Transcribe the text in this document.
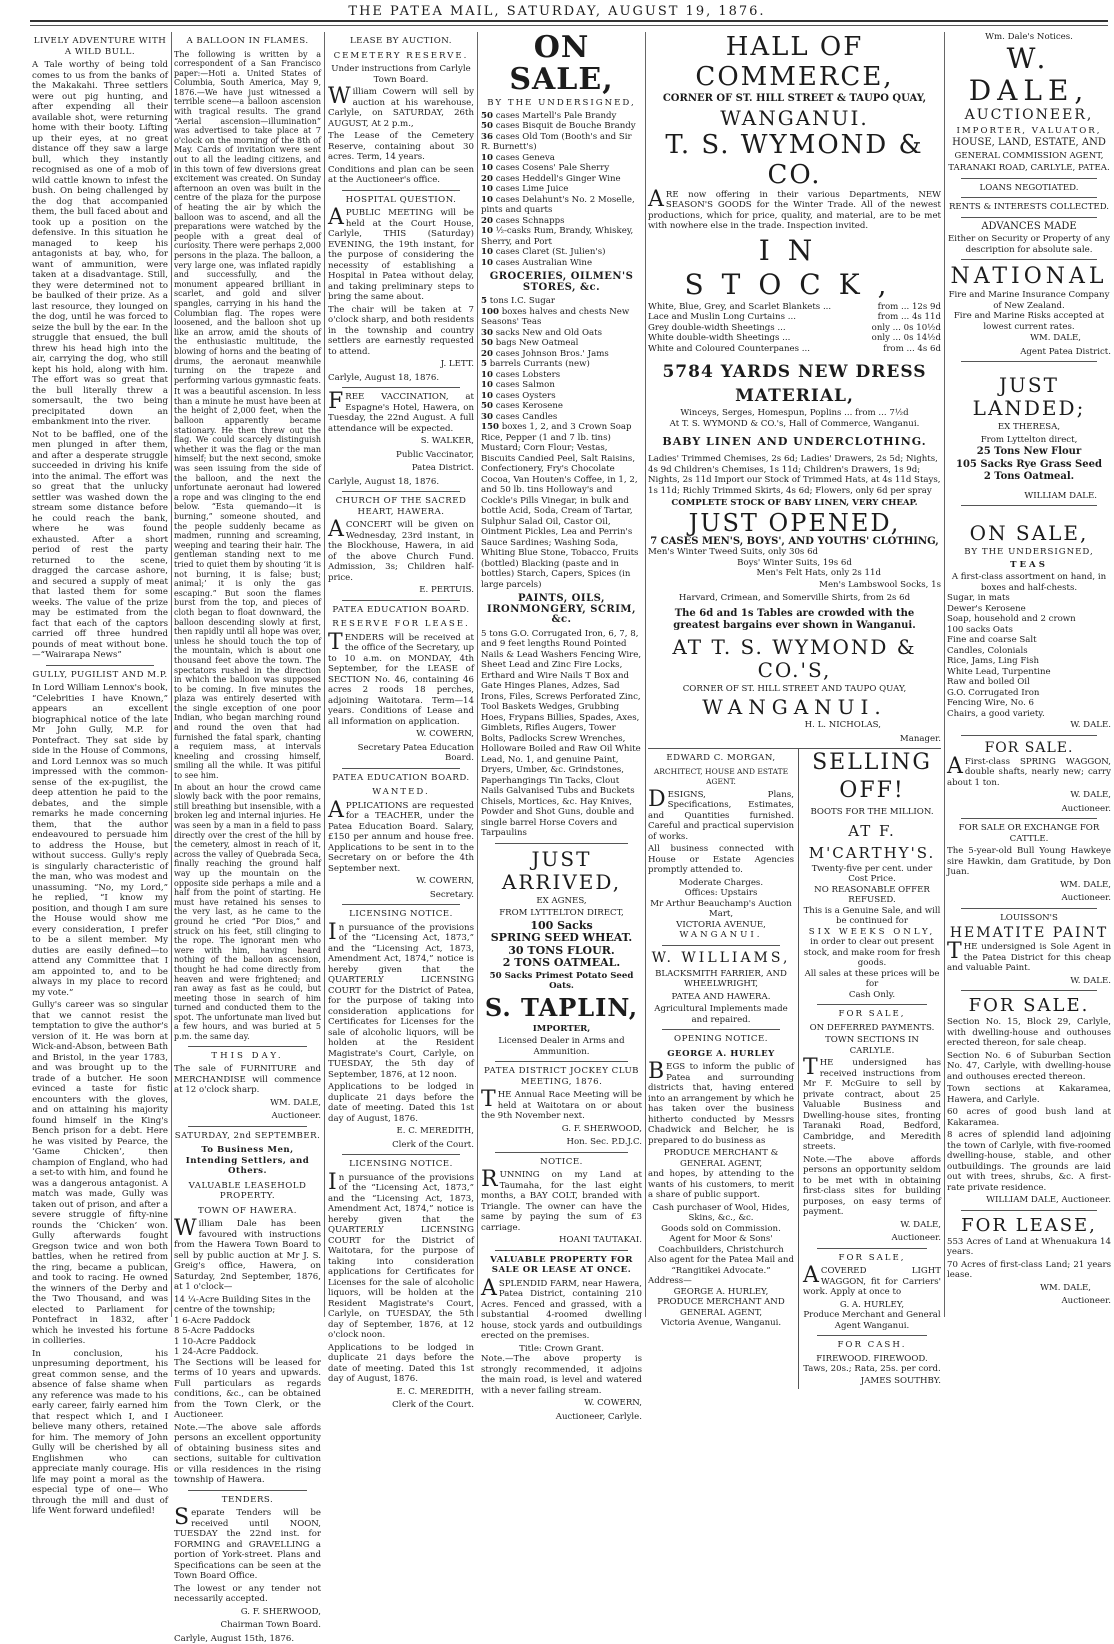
THE PATEA MAIL, SATURDAY, AUGUST 19, 1876.
LIVELY ADVENTURE WITH A WILD BULL.

A Tale worthy of being told comes to us from the banks of the Makakahi. Three settlers were out pig hunting, and after expending all their available shot, were returning home with their booty. Lifting up their eyes, at no great distance off they saw a large bull, which they instantly recognised as one of a mob of wild cattle known to infest the bush. On being challenged by the dog that accompanied them, the bull faced about and took up a position on the defensive. In this situation he managed to keep his antagonists at bay, who, for want of ammunition, were taken at a disadvantage. Still, they were determined not to be baulked of their prize. As a last resource, they lounged on the dog, until he was forced to seize the bull by the ear. In the struggle that ensued, the bull threw his head high into the air, carrying the dog, who still kept his hold, along with him. The effort was so great that the bull literally threw a somersault, the two being precipitated down an embankment into the river.

Not to be baffled, one of the men plunged in after them, and after a desperate struggle succeeded in driving his knife into the animal. The effort was so great that the unlucky settler was washed down the stream some distance before he could reach the bank, where he was found exhausted. After a short period of rest the party returned to the scene, dragged the carcase ashore, and secured a supply of meat that lasted them for some weeks. The value of the prize may be estimated from the fact that each of the captors carried off three hundred pounds of meat without bone.—“Wairarapa News”

GULLY, PUGILIST AND M.P.

In Lord William Lennox's book, “Celebrities I have Known,” appears an excellent biographical notice of the late Mr John Gully, M.P. for Pontefract. They sat side by side in the House of Commons, and Lord Lennox was so much impressed with the common-sense of the ex-pugilist, the deep attention he paid to the debates, and the simple remarks he made concerning them, that the author endeavoured to persuade him to address the House, but without success. Gully's reply is singularly characteristic of the man, who was modest and unassuming. “No, my Lord,” he replied, “I know my position, and though I am sure the House would show me every consideration, I prefer to be a silent member. My duties are easily defined—to attend any Committee that I am appointed to, and to be always in my place to record my vote.”

Gully's career was so singular that we cannot resist the temptation to give the author's version of it. He was born at Wick-and-Abson, between Bath and Bristol, in the year 1783, and was brought up to the trade of a butcher. He soon evinced a taste for fistic encounters with the gloves, and on attaining his majority found himself in the King's Bench prison for a debt. Here he was visited by Pearce, the ‘Game Chicken’, then champion of England, who had a set-to with him, and found he was a dangerous antagonist. A match was made, Gully was taken out of prison, and after a severe struggle of fifty-nine rounds the ‘Chicken’ won. Gully afterwards fought Gregson twice and won both battles, when he retired from the ring, became a publican, and took to racing. He owned the winners of the Derby and the Two Thousand, and was elected to Parliament for Pontefract in 1832, after which he invested his fortune in collieries.

In conclusion, his unpresuming deportment, his great common sense, and the absence of false shame when any reference was made to his early career, fairly earned him that respect which I, and I believe many others, retained for him. The memory of John Gully will be cherished by all Englishmen who can appreciate manly courage. His life may point a moral as the especial type of one— Who through the mill and dust of life Went forward undefiled!

A BALLOON IN FLAMES.

The following is written by a correspondent of a San Francisco paper:—Hoti a. United States of Columbia, South America, May 9, 1876.—We have just witnessed a terrible scene—a balloon ascension with tragical results. The grand “Aerial ascension—illumination” was advertised to take place at 7 o'clock on the morning of the 8th of May. Cards of invitation were sent out to all the leading citizens, and in this town of few diversions great excitement was created. On Sunday afternoon an oven was built in the centre of the plaza for the purpose of heating the air by which the balloon was to ascend, and all the preparations were watched by the people with a great deal of curiosity. There were perhaps 2,000 persons in the plaza. The balloon, a very large one, was inflated rapidly and successfully, and the monument appeared brilliant in scarlet, and gold and silver spangles, carrying in his hand the Columbian flag. The ropes were loosened, and the balloon shot up like an arrow, amid the shouts of the enthusiastic multitude, the blowing of horns and the beating of drums, the aeronaut meanwhile turning on the trapeze and performing various gymnastic feats.

It was a beautiful ascension. In less than a minute he must have been at the height of 2,000 feet, when the balloon apparently became stationary. He then threw out the flag. We could scarcely distinguish whether it was the flag or the man himself; but the next second, smoke was seen issuing from the side of the balloon, and the next the unfortunate aeronaut had lowered a rope and was clinging to the end below. “Esta quemando—it is burning,” someone shouted, and the people suddenly became as madmen, running and screaming, weeping and tearing their hair. The gentleman standing next to me tried to quiet them by shouting ‘it is not burning, it is false; bust; animal;’ it is only the gas escaping.” But soon the flames burst from the top, and pieces of cloth began to float downward, the balloon descending slowly at first, then rapidly until all hope was over, unless he should touch the top of the mountain, which is about one thousand feet above the town. The spectators rushed in the direction in which the balloon was supposed to be coming. In five minutes the plaza was entirely deserted with the single exception of one poor Indian, who began marching round and round the oven that had furnished the fatal spark, chanting a requiem mass, at intervals kneeling and crossing himself, smiling all the while. It was pitiful to see him.

In about an hour the crowd came slowly back with the poor remains, still breathing but insensible, with a broken leg and internal injuries. He was seen by a man in a field to pass directly over the crest of the hill by the cemetery, almost in reach of it, across the valley of Quebrada Seca, finally reaching the ground half way up the mountain on the opposite side perhaps a mile and a half from the point of starting. He must have retained his senses to the very last, as he came to the ground he cried “Por Dios,” and struck on his feet, still clinging to the rope. The ignorant men who were with him, having heard nothing of the balloon ascension, thought he had come directly from heaven and were frightened; and ran away as fast as he could, but meeting those in search of him turned and conducted them to the spot. The unfortunate man lived but a few hours, and was buried at 5 p.m. the same day.

THIS DAY.

The sale of FURNITURE and MERCHANDISE will commence at 12 o'clock sharp.

WM. DALE,
Auctioneer.
SATURDAY, 2nd SEPTEMBER.
To Business Men, Intending Settlers, and Others.
VALUABLE LEASEHOLD PROPERTY.
TOWN OF HAWERA.

William Dale has been favoured with instructions from the Hawera Town Board to sell by public auction at Mr J. S. Greig's office, Hawera, on Saturday, 2nd September, 1876, at 1 o'clock—

14 ¼-Acre Building Sites in the centre of the township;
1 6-Acre Paddock
8 5-Acre Paddocks
1 10-Acre Paddock
1 24-Acre Paddock.

The Sections will be leased for terms of 10 years and upwards. Full particulars as regards conditions, &c., can be obtained from the Town Clerk, or the Auctioneer.

Note.—The above sale affords persons an excellent opportunity of obtaining business sites and sections, suitable for cultivation or villa residences in the rising township of Hawera.

TENDERS.

Separate Tenders will be received until NOON, TUESDAY the 22nd inst. for FORMING and GRAVELLING a portion of York-street. Plans and Specifications can be seen at the Town Board Office.

The lowest or any tender not necessarily accepted.

G. F. SHERWOOD,
Chairman Town Board.
Carlyle, August 15th, 1876.
LEASE BY AUCTION.
CEMETERY RESERVE.
Under instructions from Carlyle Town Board.

William Cowern will sell by auction at his warehouse, Carlyle, on SATURDAY, 26th AUGUST, At 2 p.m.,

The Lease of the Cemetery Reserve, containing about 30 acres. Term, 14 years.

Conditions and plan can be seen at the Auctioneer's office.

HOSPITAL QUESTION.

APUBLIC MEETING will be held at the Court House, Carlyle, THIS (Saturday) EVENING, the 19th instant, for the purpose of considering the necessity of establishing a Hospital in Patea without delay, and taking preliminary steps to bring the same about.

The chair will be taken at 7 o'clock sharp, and both residents in the township and country settlers are earnestly requested to attend.

J. LETT.
Carlyle, August 18, 1876.

FREE VACCINATION, at Espagne's Hotel, Hawera, on Tuesday, the 22nd August. A full attendance will be expected.

S. WALKER,
Public Vaccinator,
Patea District.
Carlyle, August 18, 1876.
CHURCH OF THE SACRED HEART, HAWERA.

ACONCERT will be given on Wednesday, 23rd instant, in the Blockhouse, Hawera, in aid of the above Church Fund. Admission, 3s; Children half-price.

E. PERTUIS.
PATEA EDUCATION BOARD.
RESERVE FOR LEASE.

TENDERS will be received at the office of the Secretary, up to 10 a.m. on MONDAY, 4th September, for the LEASE of SECTION No. 46, containing 46 acres 2 roods 18 perches, adjoining Waitotara. Term—14 years. Conditions of Lease and all information on application.

W. COWERN,
Secretary Patea Education Board.
PATEA EDUCATION BOARD.
WANTED.

APPLICATIONS are requested for a TEACHER, under the Patea Education Board. Salary, £150 per annum and house free. Applications to be sent in to the Secretary on or before the 4th September next.

W. COWERN,
Secretary.
LICENSING NOTICE.

In pursuance of the provisions of the “Licensing Act, 1873,” and the “Licensing Act, 1873, Amendment Act, 1874,” notice is hereby given that the QUARTERLY LICENSING COURT for the District of Patea, for the purpose of taking into consideration applications for Certificates for Licenses for the sale of alcoholic liquors, will be holden at the Resident Magistrate's Court, Carlyle, on TUESDAY, the 5th day of September, 1876, at 12 noon.

Applications to be lodged in duplicate 21 days before the date of meeting. Dated this 1st day of August, 1876.

E. C. MEREDITH,
Clerk of the Court.
LICENSING NOTICE.

In pursuance of the provisions of the “Licensing Act, 1873,” and the “Licensing Act, 1873, Amendment Act, 1874,” notice is hereby given that the QUARTERLY LICENSING COURT for the District of Waitotara, for the purpose of taking into consideration applications for Certificates for Licenses for the sale of alcoholic liquors, will be holden at the Resident Magistrate's Court, Carlyle, on TUESDAY, the 5th day of September, 1876, at 12 o'clock noon.

Applications to be lodged in duplicate 21 days before the date of meeting. Dated this 1st day of August, 1876.

E. C. MEREDITH,
Clerk of the Court.
ON SALE,
BY THE UNDERSIGNED,
50 cases Martell's Pale Brandy
50 cases Bisquit de Bouche Brandy
36 cases Old Tom (Booth's and Sir R. Burnett's)
10 cases Geneva
10 cases Cosens' Pale Sherry
20 cases Heddell's Ginger Wine
10 cases Lime Juice
10 cases Delahunt's No. 2 Moselle, pints and quarts
20 cases Schnapps
10 ½-casks Rum, Brandy, Whiskey, Sherry, and Port
10 cases Claret (St. Julien's)
10 cases Australian Wine
GROCERIES, OILMEN'S STORES, &c.
5 tons I.C. Sugar
100 boxes halves and chests New Seasons' Teas
30 sacks New and Old Oats
50 bags New Oatmeal
20 cases Johnson Bros.' Jams
5 barrels Currants (new)
10 cases Lobsters
10 cases Salmon
10 cases Oysters
50 cases Kerosene
30 cases Candles
150 boxes 1, 2, and 3 Crown Soap

Rice, Pepper (1 and 7 lb. tins) Mustard; Corn Flour; Vestas, Biscuits Candied Peel, Salt Raisins, Confectionery, Fry's Chocolate Cocoa, Van Houten's Coffee, in 1, 2, and 50 lb. tins Holloway's and Cockle's Pills Vinegar, in bulk and bottle Acid, Soda, Cream of Tartar, Sulphur Salad Oil, Castor Oil, Ointment Pickles, Lea and Perrin's Sauce Sardines; Washing Soda, Whiting Blue Stone, Tobacco, Fruits (bottled) Blacking (paste and in bottles) Starch, Capers, Spices (in large parcels)

PAINTS, OILS, IRONMONGERY, SCRIM, &c.

5 tons G.O. Corrugated Iron, 6, 7, 8, and 9 feet lengths Round Pointed Nails & Lead Washers Fencing Wire, Sheet Lead and Zinc Fire Locks, Erthard and Wire Nails T Box and Gate Hinges Planes, Adzes, Sad Irons, Files, Screws Perforated Zinc, Tool Baskets Wedges, Grubbing Hoes, Frypans Billies, Spades, Axes, Gimblets, Rifles Augers, Tower Bolts, Padlocks Screw Wrenches, Holloware Boiled and Raw Oil White Lead, No. 1, and genuine Paint, Dryers, Umber, &c. Grindstones, Paperhangings Tin Tacks, Clout Nails Galvanised Tubs and Buckets Chisels, Mortices, &c. Hay Knives, Powder and Shot Guns, double and single barrel Horse Covers and Tarpaulins

JUST ARRIVED,
EX AGNES,
FROM LYTTELTON DIRECT,
100 Sacks
SPRING SEED WHEAT.
30 TONS FLOUR.
2 TONS OATMEAL.
50 Sacks Primest Potato Seed Oats.
S. TAPLIN,
IMPORTER,
Licensed Dealer in Arms and Ammunition.
PATEA DISTRICT JOCKEY CLUB MEETING, 1876.

THE Annual Race Meeting will be held at Waitotara on or about the 9th November next.

G. F. SHERWOOD,
Hon. Sec. P.D.J.C.
NOTICE.

RUNNING on my Land at Taumaha, for the last eight months, a BAY COLT, branded with Triangle. The owner can have the same by paying the sum of £3 carriage.

HOANI TAUTAKAI.
VALUABLE PROPERTY FOR SALE OR LEASE AT ONCE.

ASPLENDID FARM, near Hawera, Patea District, containing 210 Acres. Fenced and grassed, with a substantial 4-roomed dwelling house, stock yards and outbuildings erected on the premises.

Title: Crown Grant.

Note.—The above property is strongly recommended, it adjoins the main road, is level and watered with a never failing stream.

W. COWERN,
Auctioneer, Carlyle.
HALL OF COMMERCE,
CORNER OF ST. HILL STREET & TAUPO QUAY,
WANGANUI.
T. S. WYMOND & CO.

ARE now offering in their various Departments, NEW SEASON'S GOODS for the Winter Trade. All of the newest productions, which for price, quality, and material, are to be met with nowhere else in the trade. Inspection invited.

IN STOCK,
White, Blue, Grey, and Scarlet Blankets ...	from ... 12s 9d
Lace and Muslin Long Curtains ...	from ... 4s 11d
Grey double-width Sheetings ...	only ... 0s 10½d
White double-width Sheetings ...	only ... 0s 14½d
White and Coloured Counterpanes ...	from ... 4s 6d
5784 YARDS NEW DRESS MATERIAL,
Winceys, Serges, Homespun, Poplins ... from ... 7½d
At T. S. WYMOND & CO.'s, Hall of Commerce, Wanganui.
BABY LINEN AND UNDERCLOTHING.

Ladies' Trimmed Chemises, 2s 6d; Ladies' Drawers, 2s 5d; Nights, 4s 9d Children's Chemises, 1s 11d; Children's Drawers, 1s 9d; Nights, 2s 11d Import our Stock of Trimmed Hats, at 4s 11d Stays, 1s 11d; Richly Trimmed Skirts, 4s 6d; Flowers, only 6d per spray

COMPLETE STOCK OF BABY LINEN, VERY CHEAP.
JUST OPENED,
7 CASES MEN'S, BOYS', AND YOUTHS' CLOTHING,
Men's Winter Tweed Suits, only 30s 6d
Boys' Winter Suits, 19s 6d
Men's Felt Hats, only 2s 11d
Men's Lambswool Socks, 1s
Harvard, Crimean, and Somerville Shirts, from 2s 6d
The 6d and 1s Tables are crowded with the greatest bargains ever shown in Wanganui.
AT T. S. WYMOND & CO.'S,
CORNER OF ST. HILL STREET AND TAUPO QUAY,
WANGANUI.
H. L. NICHOLAS,
Manager.
EDWARD C. MORGAN,
ARCHITECT, HOUSE AND ESTATE AGENT.

DESIGNS, Plans, Specifications, Estimates, and Quantities furnished. Careful and practical supervision of works.

All business connected with House or Estate Agencies promptly attended to.

Moderate Charges.
Offices: Upstairs
Mr Arthur Beauchamp's Auction Mart,
VICTORIA AVENUE,
WANGANUI.
W. WILLIAMS,
BLACKSMITH FARRIER, AND WHEELWRIGHT,
PATEA AND HAWERA.
Agricultural Implements made and repaired.
OPENING NOTICE.
GEORGE A. HURLEY

BEGS to inform the public of Patea and surrounding districts that, having entered into an arrangement by which he has taken over the business hitherto conducted by Messrs Chadwick and Belcher, he is prepared to do business as

PRODUCE MERCHANT & GENERAL AGENT,

and hopes, by attending to the wants of his customers, to merit a share of public support.

Cash purchaser of Wool, Hides, Skins, &c., &c.
Goods sold on Commission.
Agent for Moor & Sons' Coachbuilders, Christchurch
Also agent for the Patea Mail and “Rangitikei Advocate.”
Address—
GEORGE A. HURLEY,
PRODUCE MERCHANT AND GENERAL AGENT,
Victoria Avenue, Wanganui.
SELLING OFF!
BOOTS FOR THE MILLION.
AT F. M'CARTHY'S.
Twenty-five per cent. under Cost Price.
NO REASONABLE OFFER REFUSED.
This is a Genuine Sale, and will be continued for
SIX WEEKS ONLY,
in order to clear out present stock, and make room for fresh goods.
All sales at these prices will be for
Cash Only.
FOR SALE,
ON DEFERRED PAYMENTS.
TOWN SECTIONS IN CARLYLE.

THE undersigned has received instructions from Mr F. McGuire to sell by private contract, about 25 Valuable Business and Dwelling-house sites, fronting Taranaki Road, Bedford, Cambridge, and Meredith streets.

Note.—The above affords persons an opportunity seldom to be met with in obtaining first-class sites for building purposes, on easy terms of payment.

W. DALE,
Auctioneer.
FOR SALE,

ACOVERED LIGHT WAGGON, fit for Carriers' work. Apply at once to

G. A. HURLEY,
Produce Merchant and General Agent Wanganui.
FOR CASH.
FIREWOOD. FIREWOOD.
Taws, 20s.; Rata, 25s. per cord.
JAMES SOUTHBY.
Wm. Dale's Notices.
W. DALE,
AUCTIONEER,
IMPORTER, VALUATOR,
HOUSE, LAND, ESTATE, AND
GENERAL COMMISSION AGENT,
TARANAKI ROAD, CARLYLE, PATEA.
LOANS NEGOTIATED.
RENTS & INTERESTS COLLECTED.
ADVANCES MADE
Either on Security or Property of any description for absolute sale.
NATIONAL
Fire and Marine Insurance Company of New Zealand.
Fire and Marine Risks accepted at lowest current rates.
WM. DALE,
Agent Patea District.
JUST LANDED;
EX THERESA,
From Lyttelton direct,
25 Tons New Flour
105 Sacks Rye Grass Seed
2 Tons Oatmeal.
WILLIAM DALE.
ON SALE,
BY THE UNDERSIGNED,
TEAS
A first-class assortment on hand, in boxes and half-chests.
Sugar, in mats
Dewer's Kerosene
Soap, household and 2 crown
100 sacks Oats
Fine and coarse Salt
Candles, Colonials
Rice, Jams, Ling Fish
White Lead, Turpentine
Raw and boiled Oil
G.O. Corrugated Iron
Fencing Wire, No. 6
Chairs, a good variety.
W. DALE.
FOR SALE.

AFirst-class SPRING WAGGON, double shafts, nearly new; carry about 1 ton.

W. DALE,
Auctioneer.
FOR SALE OR EXCHANGE FOR CATTLE.

The 5-year-old Bull Young Hawkeye sire Hawkin, dam Gratitude, by Don Juan.

WM. DALE,
Auctioneer.
LOUISSON'S
HEMATITE PAINT

THE undersigned is Sole Agent in the Patea District for this cheap and valuable Paint.

W. DALE.
FOR SALE.

Section No. 15, Block 29, Carlyle, with dwelling-house and outhouses erected thereon, for sale cheap.

Section No. 6 of Suburban Section No. 47, Carlyle, with dwelling-house and outhouses erected thereon.

Town sections at Kakaramea, Hawera, and Carlyle.

60 acres of good bush land at Kakaramea.

8 acres of splendid land adjoining the town of Carlyle, with five-roomed dwelling-house, stable, and other outbuildings. The grounds are laid out with trees, shrubs, &c. A first-rate private residence.

WILLIAM DALE, Auctioneer.
FOR LEASE,

553 Acres of Land at Whenuakura 14 years.

70 Acres of first-class Land; 21 years lease.

WM. DALE,
Auctioneer.
